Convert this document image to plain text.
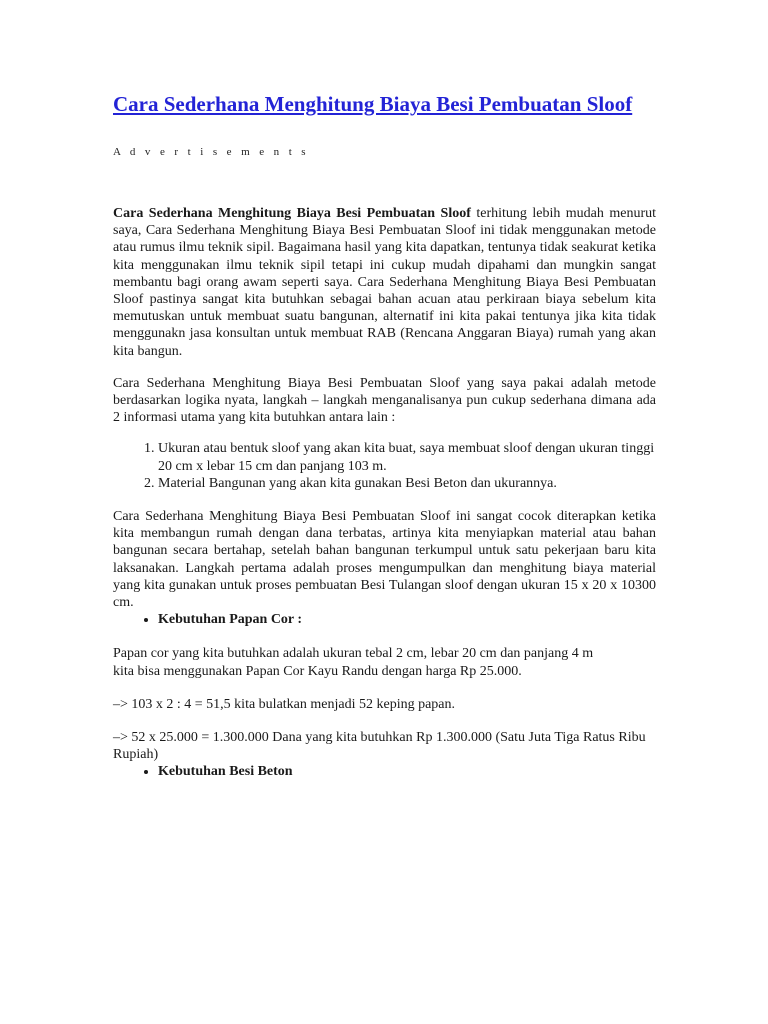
Cara Sederhana Menghitung Biaya Besi Pembuatan Sloof
A d v e r t i s e m e n t s

Cara Sederhana Menghitung Biaya Besi Pembuatan Sloof terhitung lebih mudah menurut saya, Cara Sederhana Menghitung Biaya Besi Pembuatan Sloof ini tidak menggunakan metode atau rumus ilmu teknik sipil. Bagaimana hasil yang kita dapatkan, tentunya tidak seakurat ketika kita menggunakan ilmu teknik sipil tetapi ini cukup mudah dipahami dan mungkin sangat membantu bagi orang awam seperti saya. Cara Sederhana Menghitung Biaya Besi Pembuatan Sloof pastinya sangat kita butuhkan sebagai bahan acuan atau perkiraan biaya sebelum kita memutuskan untuk membuat suatu bangunan, alternatif ini kita pakai tentunya jika kita tidak menggunakn jasa konsultan untuk membuat RAB (Rencana Anggaran Biaya) rumah yang akan kita bangun.

Cara Sederhana Menghitung Biaya Besi Pembuatan Sloof yang saya pakai adalah metode berdasarkan logika nyata, langkah – langkah menganalisanya pun cukup sederhana dimana ada 2 informasi utama yang kita butuhkan antara lain :

1. Ukuran atau bentuk sloof yang akan kita buat, saya membuat sloof dengan ukuran tinggi 20 cm x lebar 15 cm dan panjang 103 m.
2. Material Bangunan yang akan kita gunakan Besi Beton dan ukurannya.

Cara Sederhana Menghitung Biaya Besi Pembuatan Sloof ini sangat cocok diterapkan ketika kita membangun rumah dengan dana terbatas, artinya kita menyiapkan material atau bahan bangunan secara bertahap, setelah bahan bangunan terkumpul untuk satu pekerjaan baru kita laksanakan. Langkah pertama adalah proses mengumpulkan dan menghitung biaya material yang kita gunakan untuk proses pembuatan Besi Tulangan sloof dengan ukuran 15 x 20 x 10300 cm.

• Kebutuhan Papan Cor :

Papan cor yang kita butuhkan adalah ukuran tebal 2 cm, lebar 20 cm dan panjang 4 m
kita bisa menggunakan Papan Cor Kayu Randu dengan harga Rp 25.000.

–> 103 x 2 : 4 = 51,5 kita bulatkan menjadi 52 keping papan.

–> 52 x 25.000 = 1.300.000 Dana yang kita butuhkan Rp 1.300.000 (Satu Juta Tiga Ratus Ribu Rupiah)

• Kebutuhan Besi Beton
